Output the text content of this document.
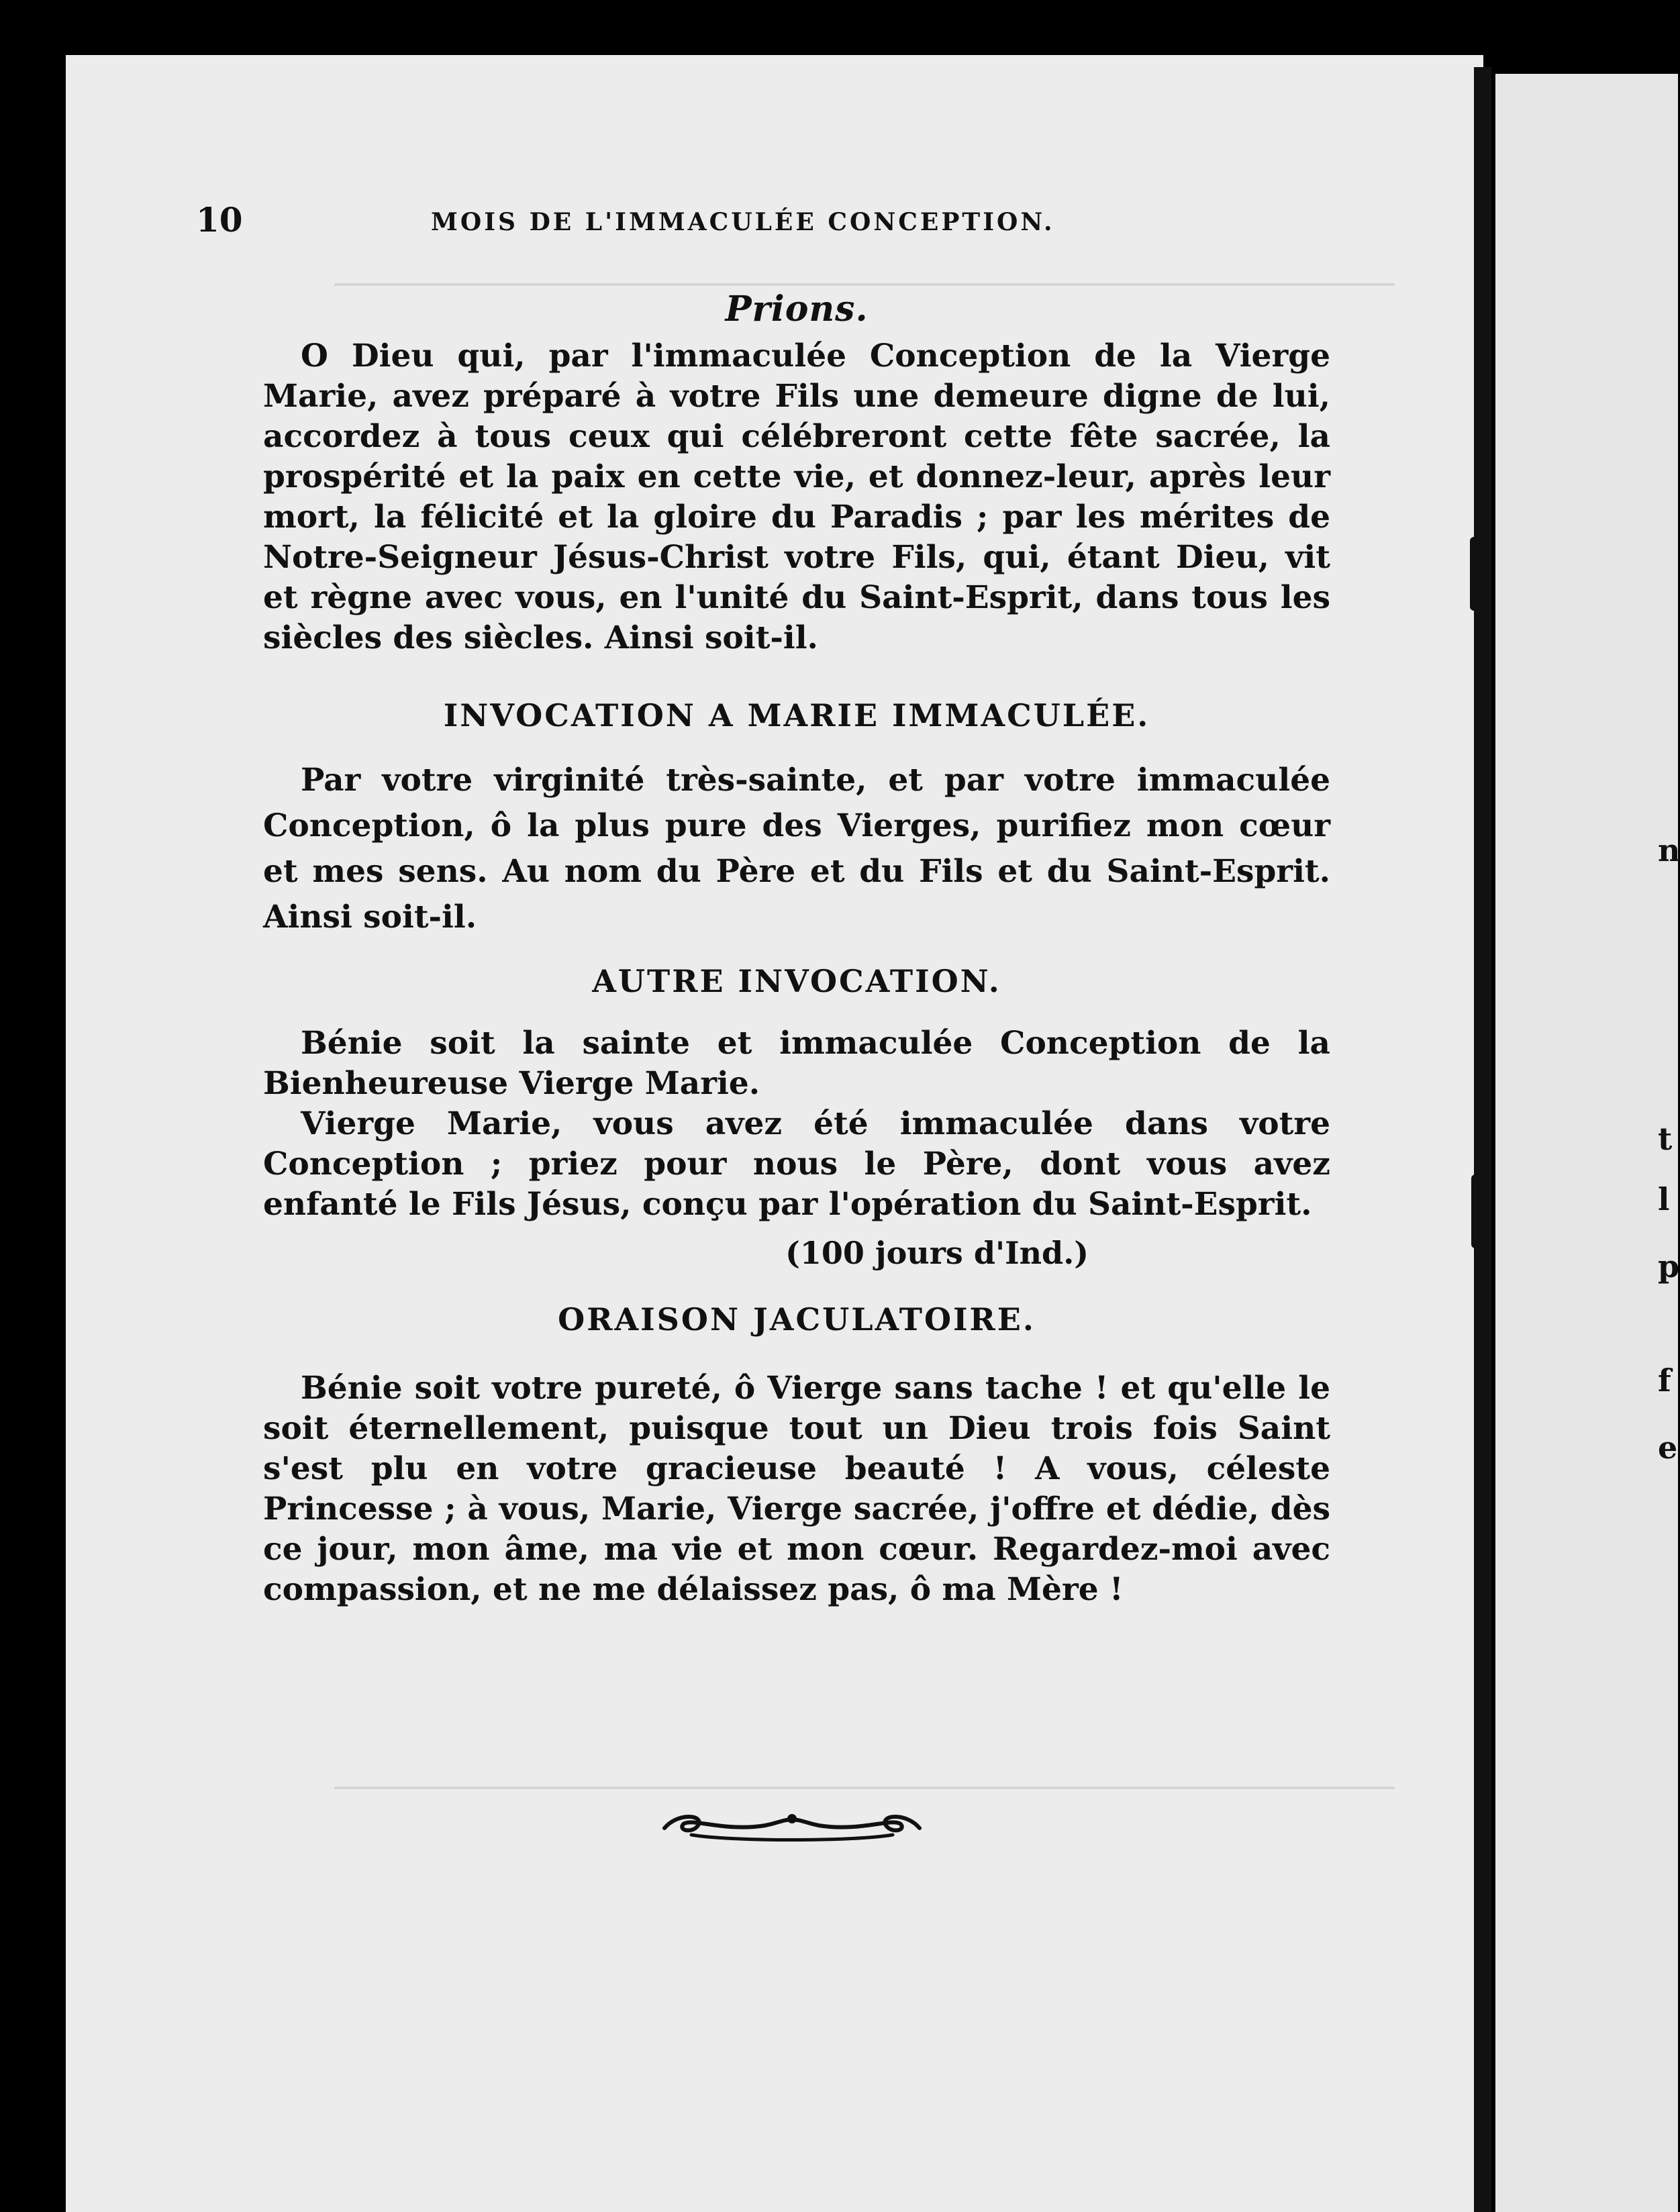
n
t
l
p
f
e
10	MOIS DE L'IMMACULÉE CONCEPTION.
Prions.

O Dieu qui, par l'immaculée Conception de la Vierge Marie, avez préparé à votre Fils une demeure digne de lui, accordez à tous ceux qui célébreront cette fête sacrée, la prospérité et la paix en cette vie, et donnez-leur, après leur mort, la félicité et la gloire du Paradis ; par les mérites de Notre-Seigneur Jésus-Christ votre Fils, qui, étant Dieu, vit et règne avec vous, en l'unité du Saint-Esprit, dans tous les siècles des siècles. Ainsi soit-il.

INVOCATION A MARIE IMMACULÉE.

Par votre virginité très-sainte, et par votre immaculée Conception, ô la plus pure des Vierges, purifiez mon cœur et mes sens. Au nom du Père et du Fils et du Saint-Esprit. Ainsi soit-il.

AUTRE INVOCATION.

Bénie soit la sainte et immaculée Conception de la Bienheureuse Vierge Marie.

Vierge Marie, vous avez été immaculée dans votre Conception ; priez pour nous le Père, dont vous avez enfanté le Fils Jésus, conçu par l'opération du Saint-Esprit.

(100 jours d'Ind.)

ORAISON JACULATOIRE.

Bénie soit votre pureté, ô Vierge sans tache ! et qu'elle le soit éternellement, puisque tout un Dieu trois fois Saint s'est plu en votre gracieuse beauté ! A vous, céleste Princesse ; à vous, Marie, Vierge sacrée, j'offre et dédie, dès ce jour, mon âme, ma vie et mon cœur. Regardez-moi avec compassion, et ne me délaissez pas, ô ma Mère !
